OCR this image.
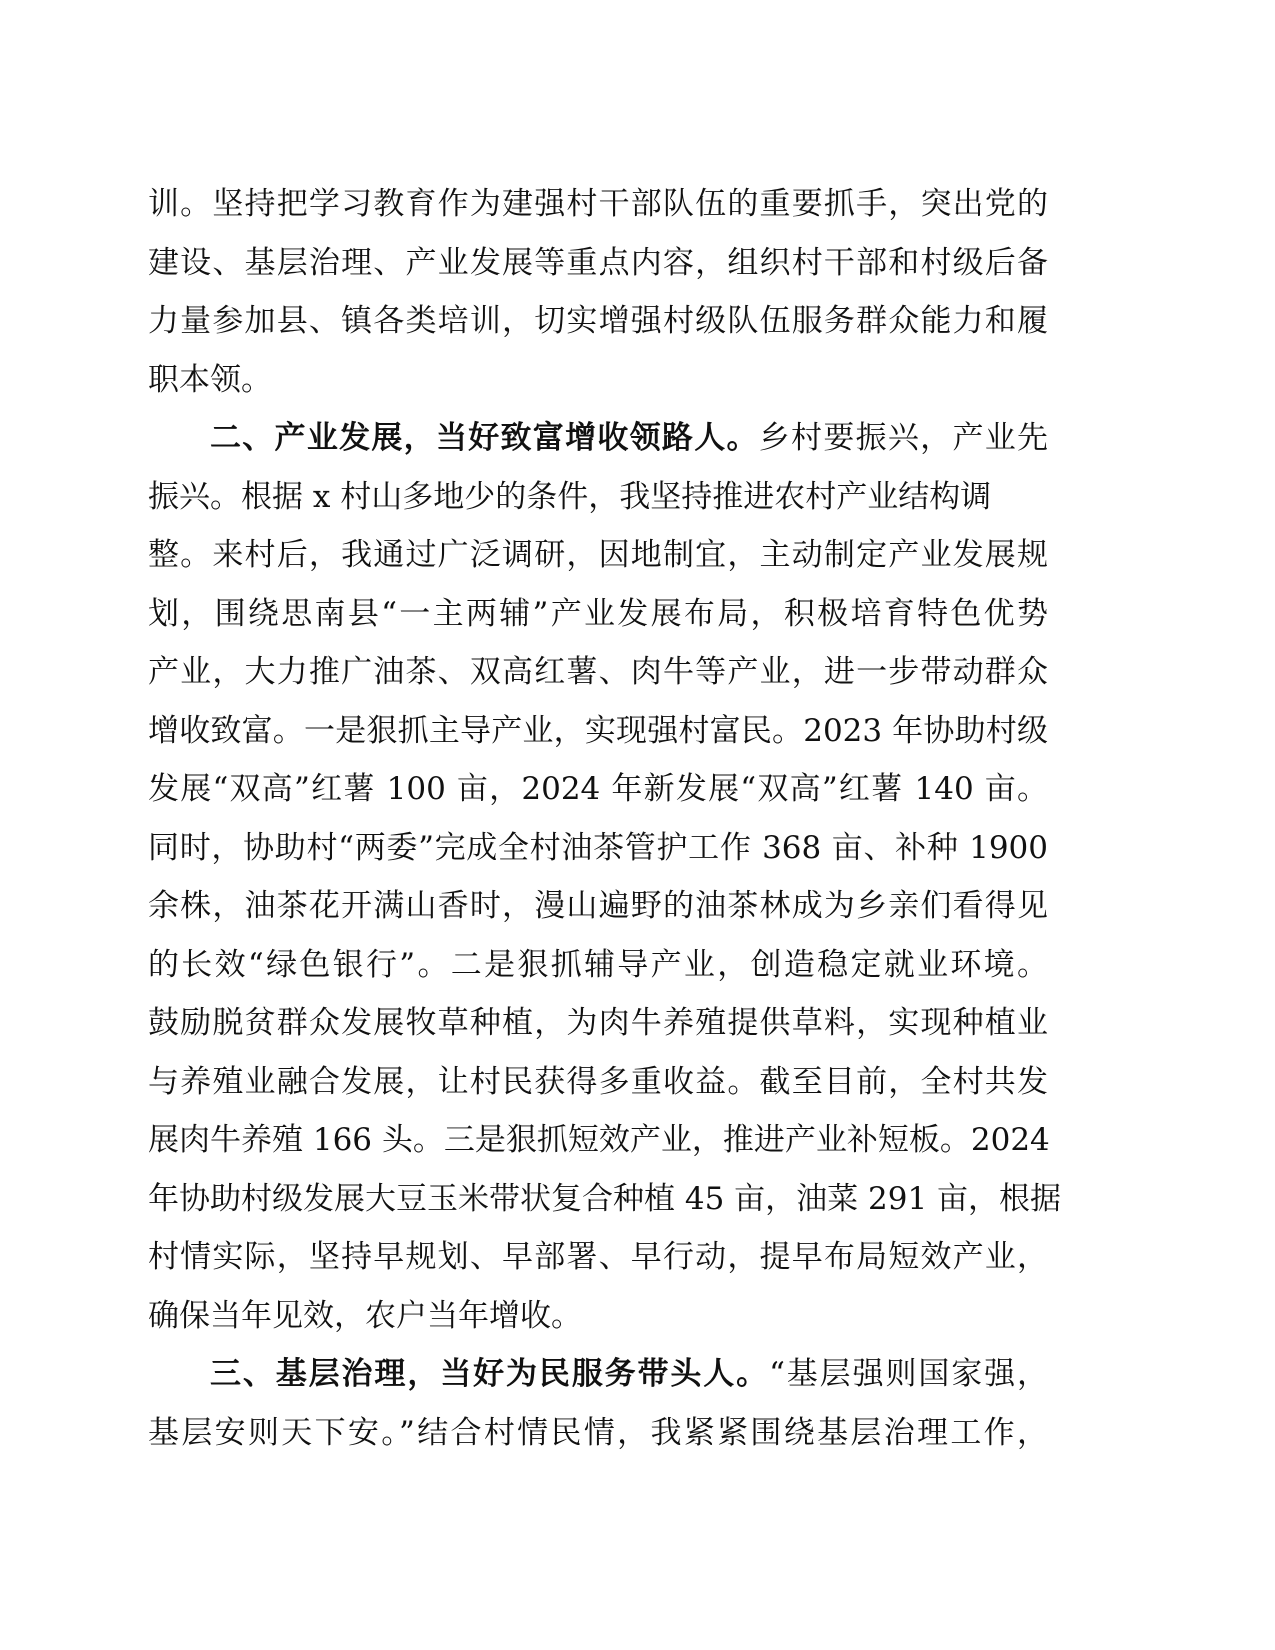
训。坚持把学习教育作为建强村干部队伍的重要抓手，突出党的
建设、基层治理、产业发展等重点内容，组织村干部和村级后备
力量参加县、镇各类培训，切实增强村级队伍服务群众能力和履
职本领。
二、产业发展，当好致富增收领路人。乡村要振兴，产业先
振兴。根据 x 村山多地少的条件，我坚持推进农村产业结构调
整。来村后，我通过广泛调研，因地制宜，主动制定产业发展规
划，围绕思南县“一主两辅”产业发展布局，积极培育特色优势
产业，大力推广油茶、双高红薯、肉牛等产业，进一步带动群众
增收致富。一是狠抓主导产业，实现强村富民。2023 年协助村级
发展“双高”红薯 100 亩，2024 年新发展“双高”红薯 140 亩。
同时，协助村“两委”完成全村油茶管护工作 368 亩、补种 1900
余株，油茶花开满山香时，漫山遍野的油茶林成为乡亲们看得见
的长效“绿色银行”。二是狠抓辅导产业，创造稳定就业环境。
鼓励脱贫群众发展牧草种植，为肉牛养殖提供草料，实现种植业
与养殖业融合发展，让村民获得多重收益。截至目前，全村共发
展肉牛养殖 166 头。三是狠抓短效产业，推进产业补短板。2024
年协助村级发展大豆玉米带状复合种植 45 亩，油菜 291 亩，根据
村情实际，坚持早规划、早部署、早行动，提早布局短效产业，
确保当年见效，农户当年增收。
三、基层治理，当好为民服务带头人。“基层强则国家强，
基层安则天下安。”结合村情民情，我紧紧围绕基层治理工作，
